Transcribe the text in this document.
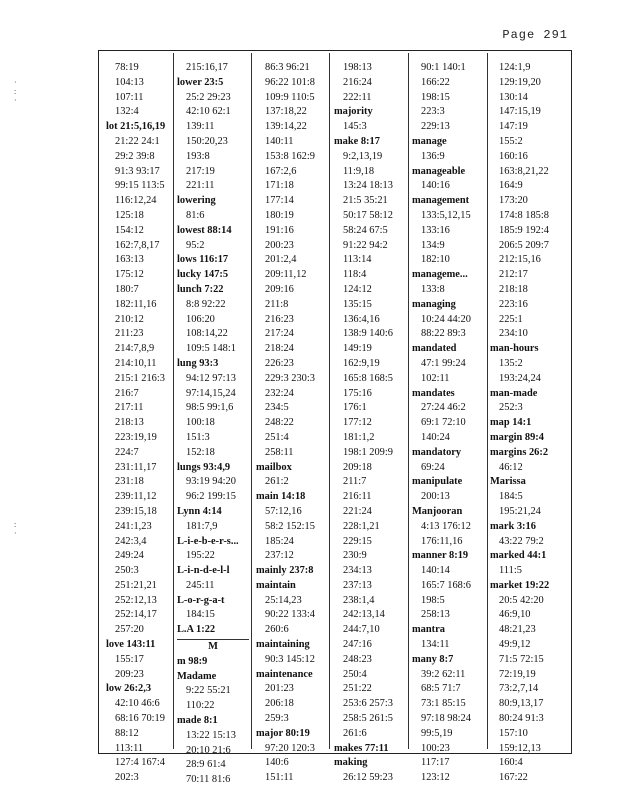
Page 291
·
:
·
:
·
78:19
104:13
107:11
132:4
lot 21:5,16,19
21:22 24:1
29:2 39:8
91:3 93:17
99:15 113:5
116:12,24
125:18
154:12
162:7,8,17
163:13
175:12
180:7
182:11,16
210:12
211:23
214:7,8,9
214:10,11
215:1 216:3
216:7
217:11
218:13
223:19,19
224:7
231:11,17
231:18
239:11,12
239:15,18
241:1,23
242:3,4
249:24
250:3
251:21,21
252:12,13
252:14,17
257:20
love 143:11
155:17
209:23
low 26:2,3
42:10 46:6
68:16 70:19
88:12
113:11
127:4 167:4
202:3
215:16,17
lower 23:5
25:2 29:23
42:10 62:1
139:11
150:20,23
193:8
217:19
221:11
lowering
81:6
lowest 88:14
95:2
lows 116:17
lucky 147:5
lunch 7:22
8:8 92:22
106:20
108:14,22
109:5 148:1
lung 93:3
94:12 97:13
97:14,15,24
98:5 99:1,6
100:18
151:3
152:18
lungs 93:4,9
93:19 94:20
96:2 199:15
Lynn 4:14
181:7,9
L-i-e-b-e-r-s...
195:22
L-i-n-d-e-l-l
245:11
L-o-r-g-a-t
184:15
L.A 1:22
M
m 98:9
Madame
9:22 55:21
110:22
made 8:1
13:22 15:13
20:10 21:6
28:9 61:4
70:11 81:6
86:3 96:21
96:22 101:8
109:9 110:5
137:18,22
139:14,22
140:11
153:8 162:9
167:2,6
171:18
177:14
180:19
191:16
200:23
201:2,4
209:11,12
209:16
211:8
216:23
217:24
218:24
226:23
229:3 230:3
232:24
234:5
248:22
251:4
258:11
mailbox
261:2
main 14:18
57:12,16
58:2 152:15
185:24
237:12
mainly 237:8
maintain
25:14,23
90:22 133:4
260:6
maintaining
90:3 145:12
maintenance
201:23
206:18
259:3
major 80:19
97:20 120:3
140:6
151:11
198:13
216:24
222:11
majority
145:3
make 8:17
9:2,13,19
11:9,18
13:24 18:13
21:5 35:21
50:17 58:12
58:24 67:5
91:22 94:2
113:14
118:4
124:12
135:15
136:4,16
138:9 140:6
149:19
162:9,19
165:8 168:5
175:16
176:1
177:12
181:1,2
198:1 209:9
209:18
211:7
216:11
221:24
228:1,21
229:15
230:9
234:13
237:13
238:1,4
242:13,14
244:7,10
247:16
248:23
250:4
251:22
253:6 257:3
258:5 261:5
261:6
makes 77:11
making
26:12 59:23
90:1 140:1
166:22
198:15
223:3
229:13
manage
136:9
manageable
140:16
management
133:5,12,15
133:16
134:9
182:10
manageme...
133:8
managing
10:24 44:20
88:22 89:3
mandated
47:1 99:24
102:11
mandates
27:24 46:2
69:1 72:10
140:24
mandatory
69:24
manipulate
200:13
Manjooran
4:13 176:12
176:11,16
manner 8:19
140:14
165:7 168:6
198:5
258:13
mantra
134:11
many 8:7
39:2 62:11
68:5 71:7
73:1 85:15
97:18 98:24
99:5,19
100:23
117:17
123:12
124:1,9
129:19,20
130:14
147:15,19
147:19
155:2
160:16
163:8,21,22
164:9
173:20
174:8 185:8
185:9 192:4
206:5 209:7
212:15,16
212:17
218:18
223:16
225:1
234:10
man-hours
135:2
193:24,24
man-made
252:3
map 14:1
margin 89:4
margins 26:2
46:12
Marissa
184:5
195:21,24
mark 3:16
43:22 79:2
marked 44:1
111:5
market 19:22
20:5 42:20
46:9,10
48:21,23
49:9,12
71:5 72:15
72:19,19
73:2,7,14
80:9,13,17
80:24 91:3
157:10
159:12,13
160:4
167:22
